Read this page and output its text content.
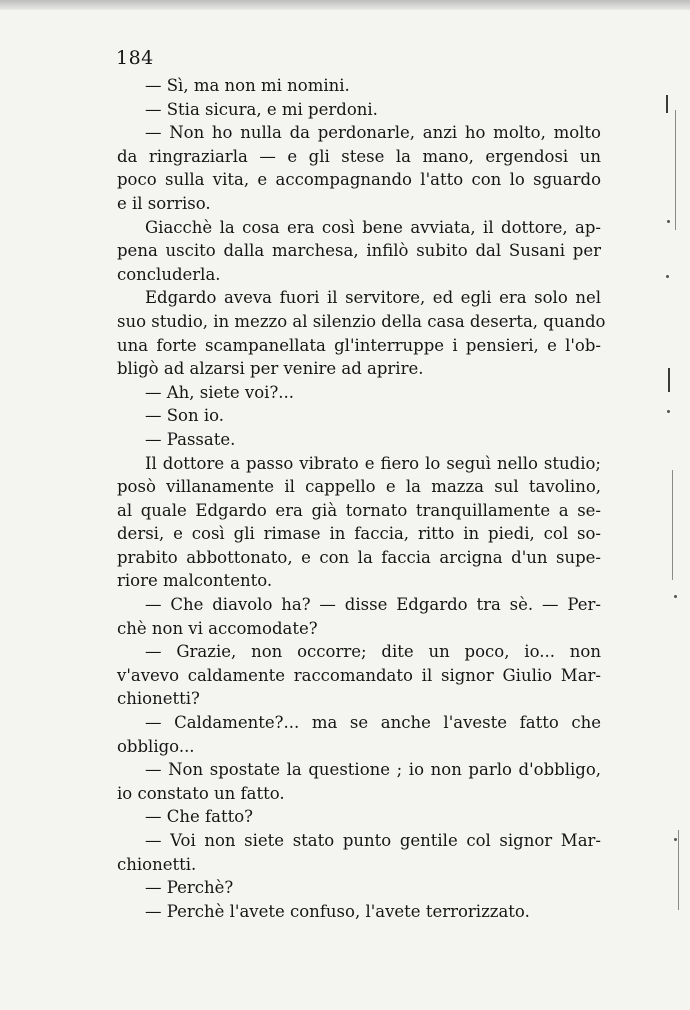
184
— Sì, ma non mi nomini.
— Stia sicura, e mi perdoni.
— Non ho nulla da perdonarle, anzi ho molto, molto
da ringraziarla — e gli stese la mano, ergendosi un
poco sulla vita, e accompagnando l'atto con lo sguardo
e il sorriso.
Giacchè la cosa era così bene avviata, il dottore, ap-
pena uscito dalla marchesa, infilò subito dal Susani per
concluderla.
Edgardo aveva fuori il servitore, ed egli era solo nel
suo studio, in mezzo al silenzio della casa deserta, quando
una forte scampanellata gl'interruppe i pensieri, e l'ob-
bligò ad alzarsi per venire ad aprire.
— Ah, siete voi?...
— Son io.
— Passate.
Il dottore a passo vibrato e fiero lo seguì nello studio;
posò villanamente il cappello e la mazza sul tavolino,
al quale Edgardo era già tornato tranquillamente a se-
dersi, e così gli rimase in faccia, ritto in piedi, col so-
prabito abbottonato, e con la faccia arcigna d'un supe-
riore malcontento.
— Che diavolo ha? — disse Edgardo tra sè. — Per-
chè non vi accomodate?
— Grazie, non occorre; dite un poco, io... non
v'avevo caldamente raccomandato il signor Giulio Mar-
chionetti?
— Caldamente?... ma se anche l'aveste fatto che
obbligo...
— Non spostate la questione ; io non parlo d'obbligo,
io constato un fatto.
— Che fatto?
— Voi non siete stato punto gentile col signor Mar-
chionetti.
— Perchè?
— Perchè l'avete confuso, l'avete terrorizzato.
